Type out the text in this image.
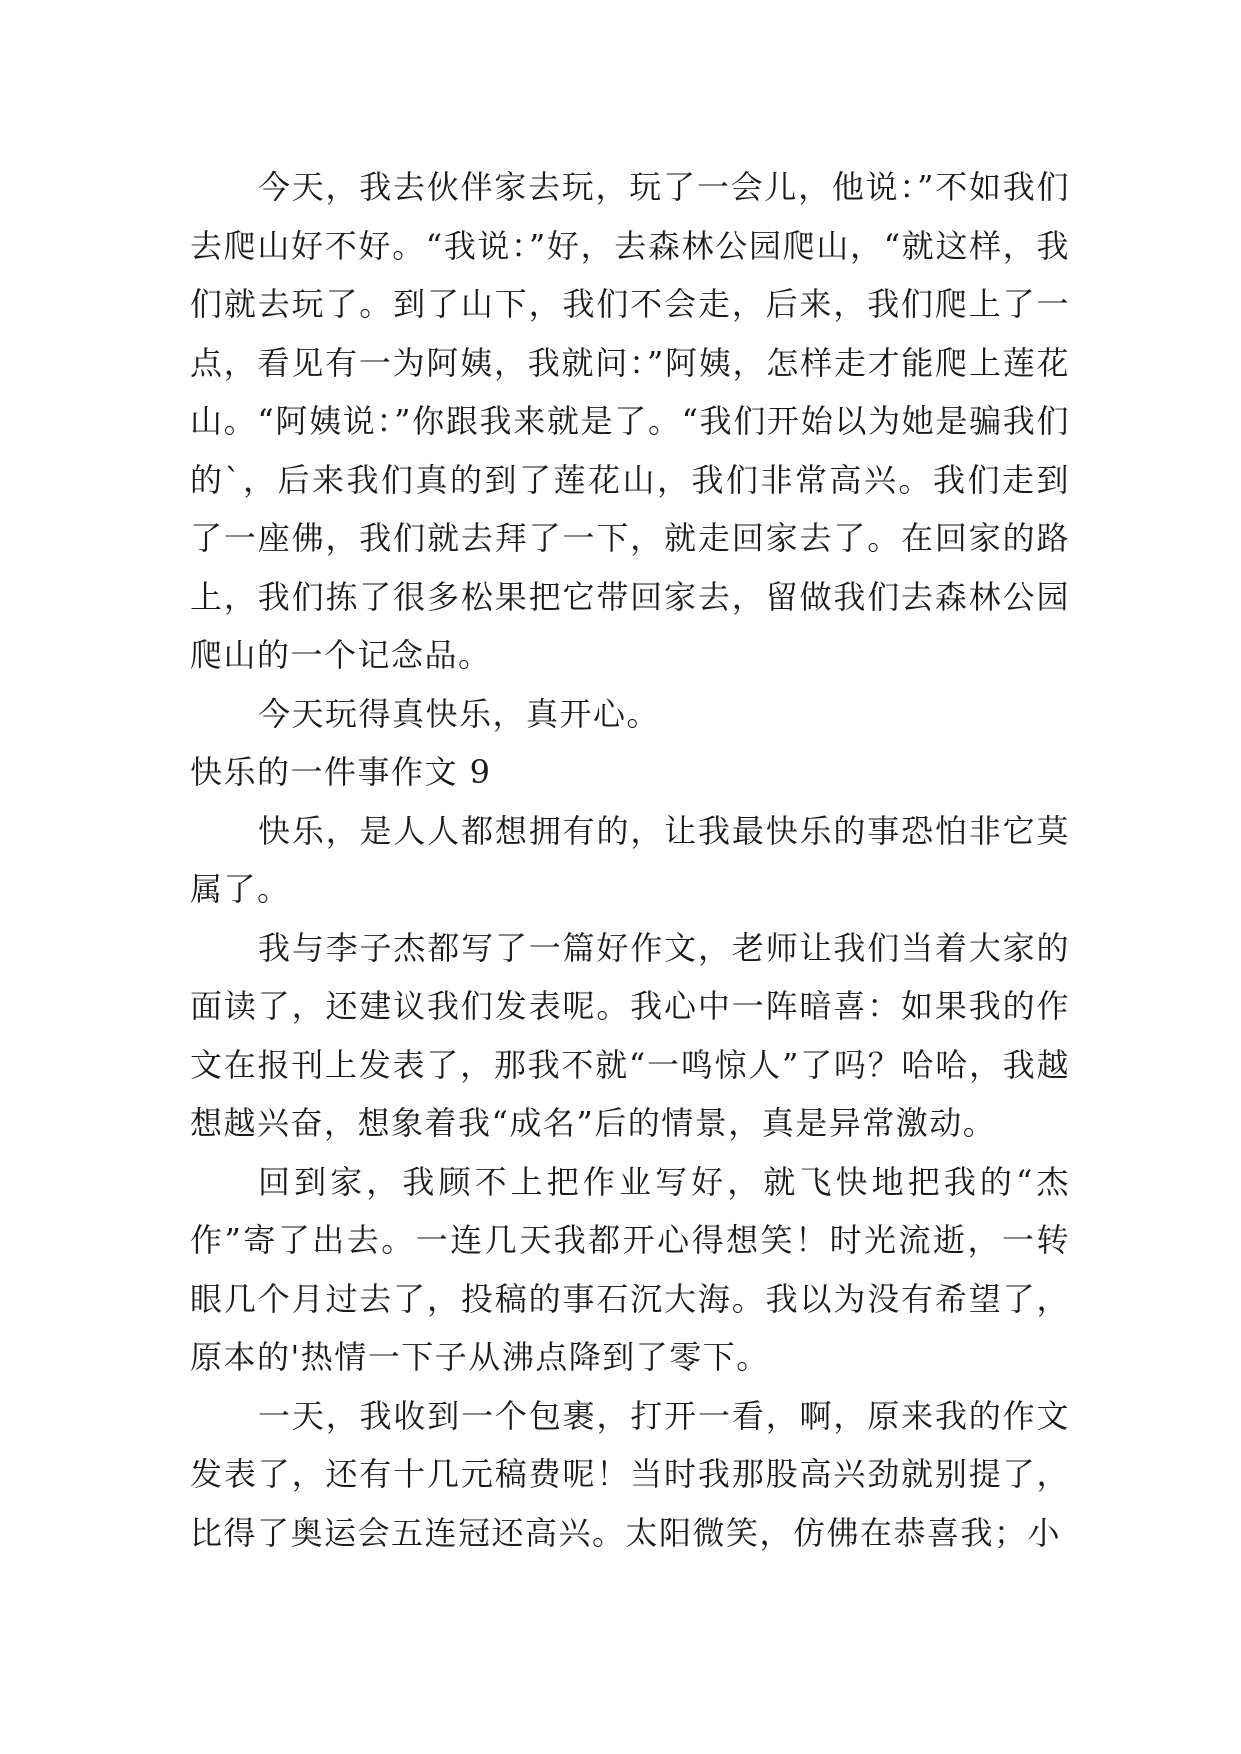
今天，我去伙伴家去玩，玩了一会儿，他说：”不如我们去爬山好不好。“我说：”好，去森林公园爬山，“就这样，我们就去玩了。到了山下，我们不会走，后来，我们爬上了一点，看见有一为阿姨，我就问：”阿姨，怎样走才能爬上莲花山。“阿姨说：”你跟我来就是了。“我们开始以为她是骗我们的`，后来我们真的到了莲花山，我们非常高兴。我们走到了一座佛，我们就去拜了一下，就走回家去了。在回家的路上，我们拣了很多松果把它带回家去，留做我们去森林公园爬山的一个记念品。

今天玩得真快乐，真开心。

快乐的一件事作文 9

快乐，是人人都想拥有的，让我最快乐的事恐怕非它莫属了。

我与李子杰都写了一篇好作文，老师让我们当着大家的面读了，还建议我们发表呢。我心中一阵暗喜：如果我的作文在报刊上发表了，那我不就“一鸣惊人”了吗？哈哈，我越想越兴奋，想象着我“成名”后的情景，真是异常激动。

回到家，我顾不上把作业写好，就飞快地把我的“杰作”寄了出去。一连几天我都开心得想笑！时光流逝，一转眼几个月过去了，投稿的事石沉大海。我以为没有希望了，原本的'热情一下子从沸点降到了零下。

一天，我收到一个包裹，打开一看，啊，原来我的作文发表了，还有十几元稿费呢！当时我那股高兴劲就别提了，比得了奥运会五连冠还高兴。太阳微笑，仿佛在恭喜我；小
